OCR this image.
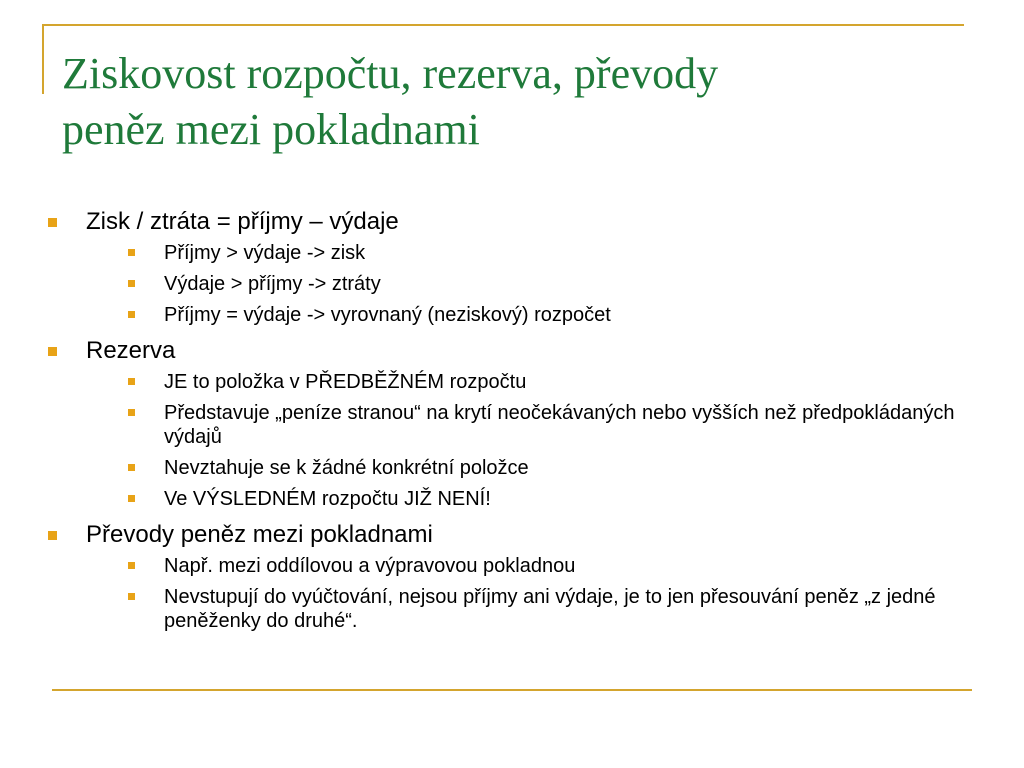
Ziskovost rozpočtu, rezerva, převody
peněz mezi pokladnami
Zisk / ztráta = příjmy – výdaje
Příjmy > výdaje -> zisk
Výdaje > příjmy -> ztráty
Příjmy = výdaje -> vyrovnaný (neziskový) rozpočet
Rezerva
JE to položka v PŘEDBĚŽNÉM rozpočtu
Představuje „peníze stranou“ na krytí neočekávaných nebo vyšších než předpokládaných výdajů
Nevztahuje se k žádné konkrétní položce
Ve VÝSLEDNÉM rozpočtu JIŽ NENÍ!
Převody peněz mezi pokladnami
Např. mezi oddílovou a výpravovou pokladnou
Nevstupují do vyúčtování, nejsou příjmy ani výdaje, je to jen přesouvání peněz „z jedné peněženky do druhé“.
